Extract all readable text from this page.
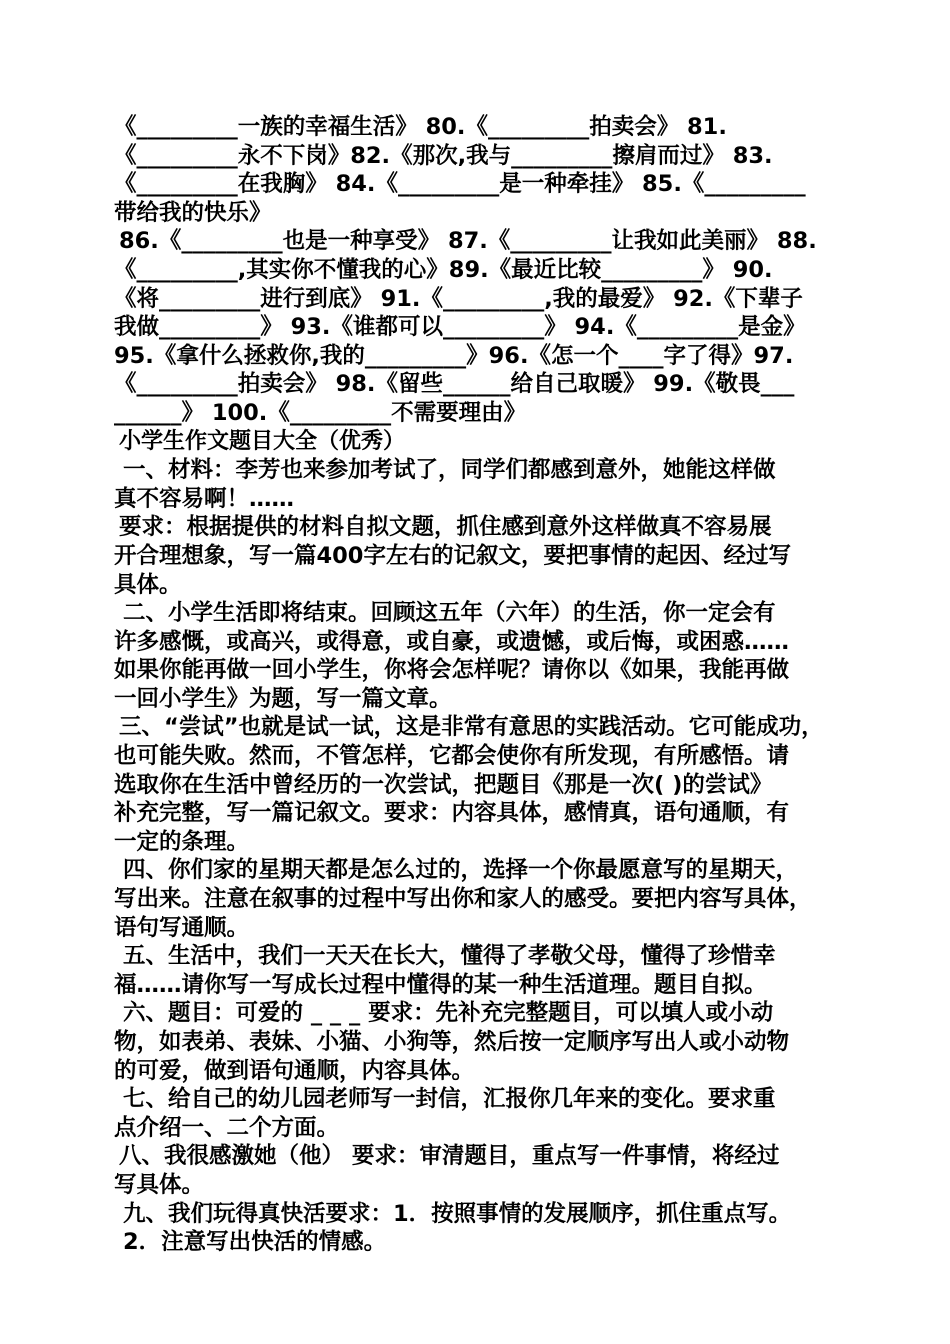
《_________一族的幸福生活》 80.《_________拍卖会》 81.
《_________永不下岗》82.《那次,我与_________擦肩而过》 83.
《_________在我胸》 84.《_________是一种牵挂》 85.《_________
带给我的快乐》
86.《_________也是一种享受》 87.《_________让我如此美丽》 88.
《_________,其实你不懂我的心》89.《最近比较_________》 90.
《将_________进行到底》 91.《_________,我的最爱》 92.《下辈子
我做_________》 93.《谁都可以_________》 94.《_________是金》
95.《拿什么拯救你,我的_________》96.《怎一个____字了得》97.
《_________拍卖会》 98.《留些______给自己取暖》 99.《敬畏___
______》 100.《_________不需要理由》
小学生作文题目大全（优秀）
一、材料：李芳也来参加考试了，同学们都感到意外，她能这样做
真不容易啊！……
要求：根据提供的材料自拟文题，抓住感到意外这样做真不容易展
开合理想象，写一篇400字左右的记叙文，要把事情的起因、经过写
具体。
二、小学生活即将结束。回顾这五年（六年）的生活，你一定会有
许多感慨，或高兴，或得意，或自豪，或遗憾，或后悔，或困惑……
如果你能再做一回小学生，你将会怎样呢？请你以《如果，我能再做
一回小学生》为题，写一篇文章。
三、“尝试”也就是试一试，这是非常有意思的实践活动。它可能成功，
也可能失败。然而，不管怎样，它都会使你有所发现，有所感悟。请
选取你在生活中曾经历的一次尝试，把题目《那是一次( )的尝试》
补充完整，写一篇记叙文。要求：内容具体，感情真，语句通顺，有
一定的条理。
四、你们家的星期天都是怎么过的，选择一个你最愿意写的星期天，
写出来。注意在叙事的过程中写出你和家人的感受。要把内容写具体，
语句写通顺。
五、生活中，我们一天天在长大，懂得了孝敬父母，懂得了珍惜幸
福……请你写一写成长过程中懂得的某一种生活道理。题目自拟。
六、题目：可爱的 _ _ _ 要求：先补充完整题目，可以填人或小动
物，如表弟、表妹、小猫、小狗等，然后按一定顺序写出人或小动物
的可爱，做到语句通顺，内容具体。
七、给自己的幼儿园老师写一封信，汇报你几年来的变化。要求重
点介绍一、二个方面。
八、我很感激她（他） 要求：审清题目，重点写一件事情，将经过
写具体。
九、我们玩得真快活要求：1．按照事情的发展顺序，抓住重点写。
2．注意写出快活的情感。
